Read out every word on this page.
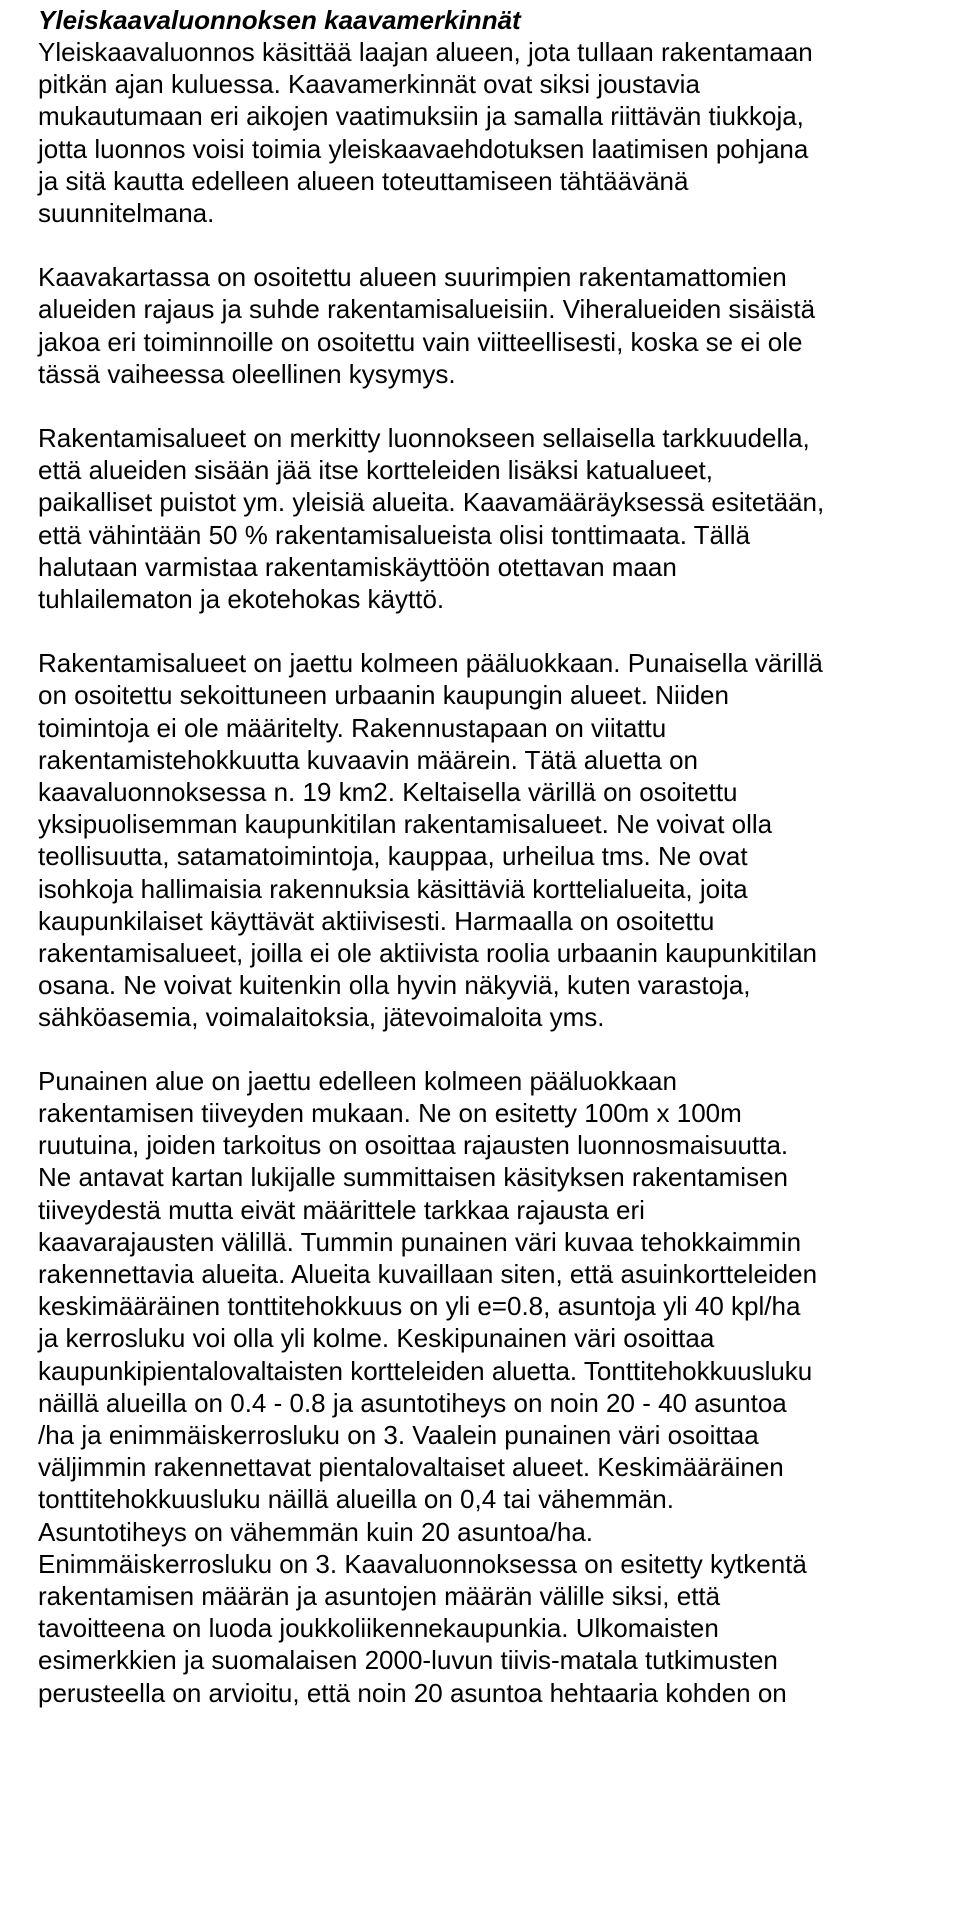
Yleiskaavaluonnoksen kaavamerkinnät

Yleiskaavaluonnos käsittää laajan alueen, jota tullaan rakentamaan
pitkän ajan kuluessa. Kaavamerkinnät ovat siksi joustavia
mukautumaan eri aikojen vaatimuksiin ja samalla riittävän tiukkoja,
jotta luonnos voisi toimia yleiskaavaehdotuksen laatimisen pohjana
ja sitä kautta edelleen alueen toteuttamiseen tähtäävänä
suunnitelmana.

Kaavakartassa on osoitettu alueen suurimpien rakentamattomien
alueiden rajaus ja suhde rakentamisalueisiin. Viheralueiden sisäistä
jakoa eri toiminnoille on osoitettu vain viitteellisesti, koska se ei ole
tässä vaiheessa oleellinen kysymys.

Rakentamisalueet on merkitty luonnokseen sellaisella tarkkuudella,
että alueiden sisään jää itse kortteleiden lisäksi katualueet,
paikalliset puistot ym. yleisiä alueita. Kaavamääräyksessä esitetään,
että vähintään 50 % rakentamisalueista olisi tonttimaata. Tällä
halutaan varmistaa rakentamiskäyttöön otettavan maan
tuhlailematon ja ekotehokas käyttö.

Rakentamisalueet on jaettu kolmeen pääluokkaan. Punaisella värillä
on osoitettu sekoittuneen urbaanin kaupungin alueet. Niiden
toimintoja ei ole määritelty. Rakennustapaan on viitattu
rakentamistehokkuutta kuvaavin määrein. Tätä aluetta on
kaavaluonnoksessa n. 19 km2. Keltaisella värillä on osoitettu
yksipuolisemman kaupunkitilan rakentamisalueet. Ne voivat olla
teollisuutta, satamatoimintoja, kauppaa, urheilua tms. Ne ovat
isohkoja hallimaisia rakennuksia käsittäviä korttelialueita, joita
kaupunkilaiset käyttävät aktiivisesti. Harmaalla on osoitettu
rakentamisalueet, joilla ei ole aktiivista roolia urbaanin kaupunkitilan
osana. Ne voivat kuitenkin olla hyvin näkyviä, kuten varastoja,
sähköasemia, voimalaitoksia, jätevoimaloita yms.

Punainen alue on jaettu edelleen kolmeen pääluokkaan
rakentamisen tiiveyden mukaan. Ne on esitetty 100m x 100m
ruutuina, joiden tarkoitus on osoittaa rajausten luonnosmaisuutta.
Ne antavat kartan lukijalle summittaisen käsityksen rakentamisen
tiiveydestä mutta eivät määrittele tarkkaa rajausta eri
kaavarajausten välillä. Tummin punainen väri kuvaa tehokkaimmin
rakennettavia alueita. Alueita kuvaillaan siten, että asuinkortteleiden
keskimääräinen tonttitehokkuus on yli e=0.8, asuntoja yli 40 kpl/ha
ja kerrosluku voi olla yli kolme. Keskipunainen väri osoittaa
kaupunkipientalovaltaisten kortteleiden aluetta. Tonttitehokkuusluku
näillä alueilla on 0.4 - 0.8 ja asuntotiheys on noin 20 - 40 asuntoa
/ha ja enimmäiskerrosluku on 3. Vaalein punainen väri osoittaa
väljimmin rakennettavat pientalovaltaiset alueet. Keskimääräinen
tonttitehokkuusluku näillä alueilla on 0,4 tai vähemmän.
Asuntotiheys on vähemmän kuin 20 asuntoa/ha.
Enimmäiskerrosluku on 3. Kaavaluonnoksessa on esitetty kytkentä
rakentamisen määrän ja asuntojen määrän välille siksi, että
tavoitteena on luoda joukkoliikennekaupunkia. Ulkomaisten
esimerkkien ja suomalaisen 2000-luvun tiivis-matala tutkimusten
perusteella on arvioitu, että noin 20 asuntoa hehtaaria kohden on
